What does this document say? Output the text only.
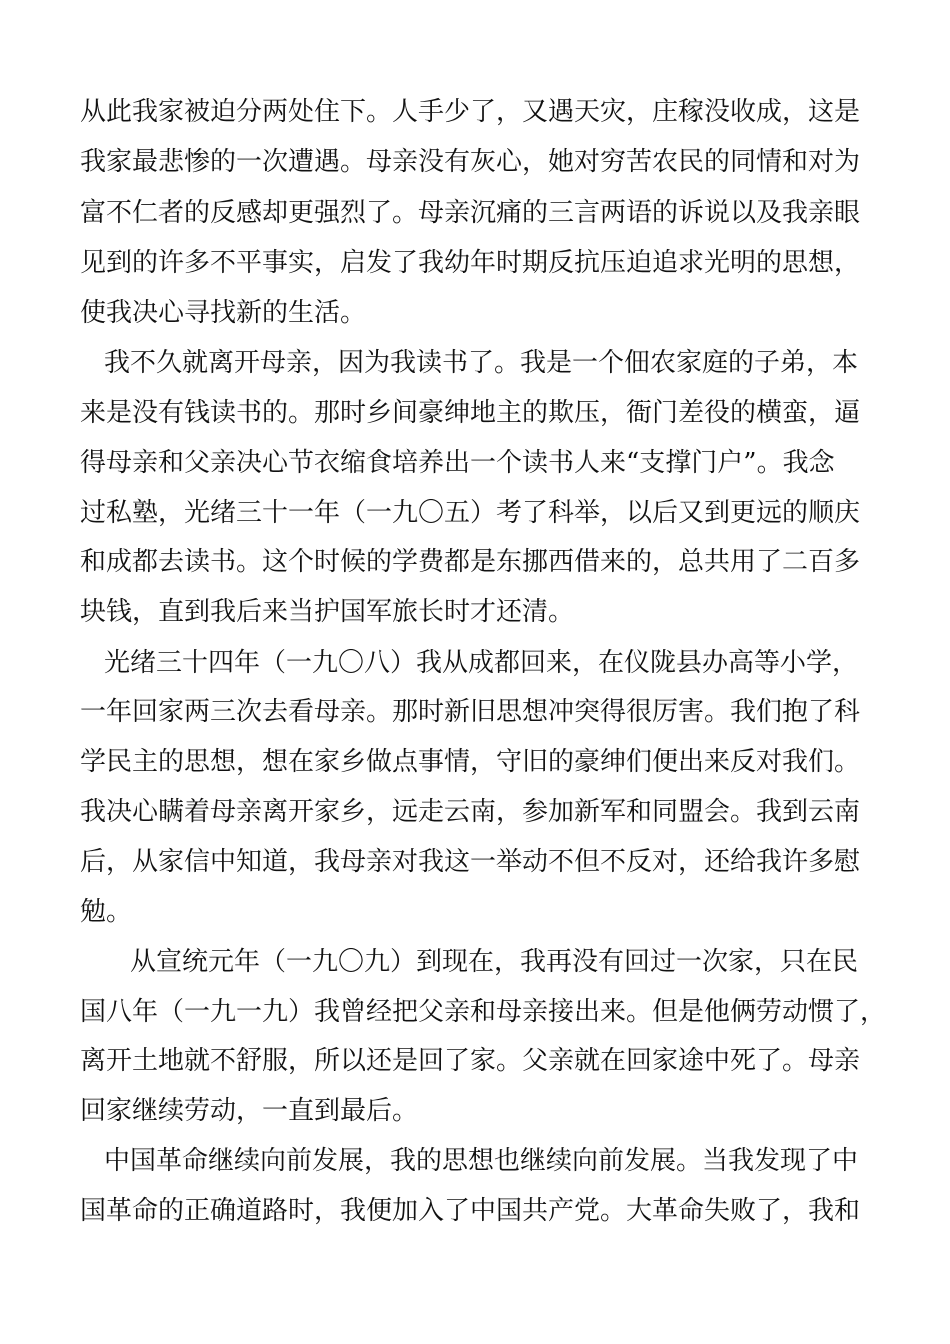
从此我家被迫分两处住下。人手少了，又遇天灾，庄稼没收成，这是
我家最悲惨的一次遭遇。母亲没有灰心，她对穷苦农民的同情和对为
富不仁者的反感却更强烈了。母亲沉痛的三言两语的诉说以及我亲眼
见到的许多不平事实，启发了我幼年时期反抗压迫追求光明的思想，
使我决心寻找新的生活。
我不久就离开母亲，因为我读书了。我是一个佃农家庭的子弟，本
来是没有钱读书的。那时乡间豪绅地主的欺压，衙门差役的横蛮，逼
得母亲和父亲决心节衣缩食培养出一个读书人来“支撑门户”。我念
过私塾，光绪三十一年（一九〇五）考了科举，以后又到更远的顺庆
和成都去读书。这个时候的学费都是东挪西借来的，总共用了二百多
块钱，直到我后来当护国军旅长时才还清。
光绪三十四年（一九〇八）我从成都回来，在仪陇县办高等小学，
一年回家两三次去看母亲。那时新旧思想冲突得很厉害。我们抱了科
学民主的思想，想在家乡做点事情，守旧的豪绅们便出来反对我们。
我决心瞒着母亲离开家乡，远走云南，参加新军和同盟会。我到云南
后，从家信中知道，我母亲对我这一举动不但不反对，还给我许多慰
勉。
从宣统元年（一九〇九）到现在，我再没有回过一次家，只在民
国八年（一九一九）我曾经把父亲和母亲接出来。但是他俩劳动惯了，
离开土地就不舒服，所以还是回了家。父亲就在回家途中死了。母亲
回家继续劳动，一直到最后。
中国革命继续向前发展，我的思想也继续向前发展。当我发现了中
国革命的正确道路时，我便加入了中国共产党。大革命失败了，我和
